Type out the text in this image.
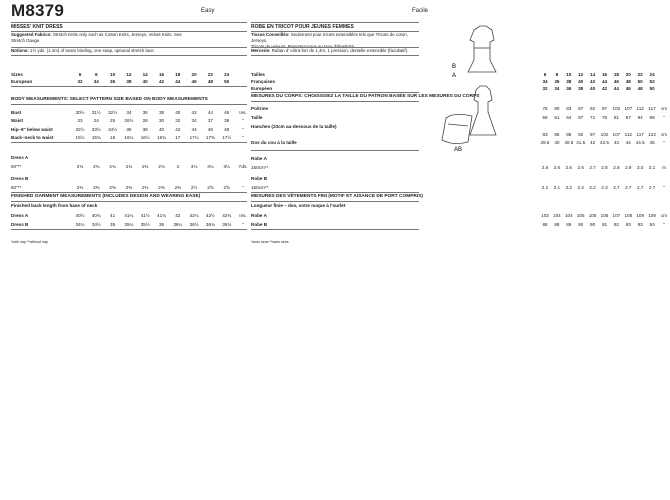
M8379	Easy	Facile
MISSES' KNIT DRESS
Suggested Fabrics: Stretch Knits only such as Cotton Knits, Jerseys, Velvet Knits. See
Stretch Gauge.
Notions: 1½ yds. (1.4m) of seam binding, one snap, optional stretch lace.
Sizes	6	8	10	12	14	16	18	20	22	24
European	32	34	36	38	40	42	44	46	48	50
BODY MEASUREMENTS: SELECT PATTERN SIZE BASED ON BODY MEASUREMENTS
Bust	30½	31½	32½	34	36	38	40	42	44	46	Ins.
Waist	23	24	25	26½	28	30	32	34	37	39	"
Hip–9" below waist	32½	33½	34½	36	38	40	42	44	46	48	"
Back–neck to waist	15½	15¾	16	16¼	16½	16¾	17	17¼	17⅜	17½	"
Dress A
60"**	2¾	2¾	2¾	2¾	2¾	2¾	3	3⅛	3¼	3¼	Yds.
Dress B
60"**	2⅜	2⅜	2⅜	2⅜	2⅜	2⅜	2⅜	2½	2⅝	2⅝	"
FINISHED GARMENT MEASUREMENTS (INCLUDES DESIGN AND WEARING EASE)
Finished back length from base of neck
Dress A	40½	40¾	41	41¼	41½	41¾	42	42¼	42½	42¾	Ins.
Dress B	34¼	34½	35	35¼	35½	36	36¼	36½	36¾	36¾	"
*with nap **without nap
ROBE EN TRICOT POUR JEUNES FEMMES
Tissus Conseillés: Seulement pour tricots extensibles tels que Tricots de coton, Jerseys,
Tricots de velours. Reportez-nous au taux d'élasticité.
Mercerie: Ruban d' extra-fort de 1,4m, 1 pression, dentelle extensible (facultatif).
Tailles	6	8	10	12	14	16	18	20	22	24
Françaises	34	36	38	40	42	44	46	48	50	52
Européen	32	34	36	38	40	42	44	46	48	50
MESURES DU CORPS: CHOISISSEZ LA TAILLE DU PATRON BASÉE SUR LES MESURES DU CORPS
Poitrine	78	80	83	87	92	97	102 107 112 117	cm
Taille	58	61	64	67	71	76	81	87	94	99	"
Hanches (23cm au-dessous de la taille)
83	85	88	92	97	102 107 112 117 122	cm
Dos du cou à la taille	39.5	40	40.5 41.5	42	42.5	43	44	44.5	45	"
Robe A
150cm**	2.6	2.6	2.6	2.6	2.7	2.8	2.8	2.9	3.0	3.1	m
Robe B
150cm**	2.1	2.1	2.2	2.2	2.2	2.3	2.7	2.7	2.7	2.7	"
MESURES DES VÊTEMENTS FINI (MOTIF ET AISANCE DE PORT COMPRIS)
Longueur finie – dos, votre nuque à l'ourlet
Robe A	103 104 104 105 105 106 107 108 109 109	cm
Robe B	88	88	89	90	90	91	92	93	93	93	"
*avec sens **sans sens
B
A
AB
